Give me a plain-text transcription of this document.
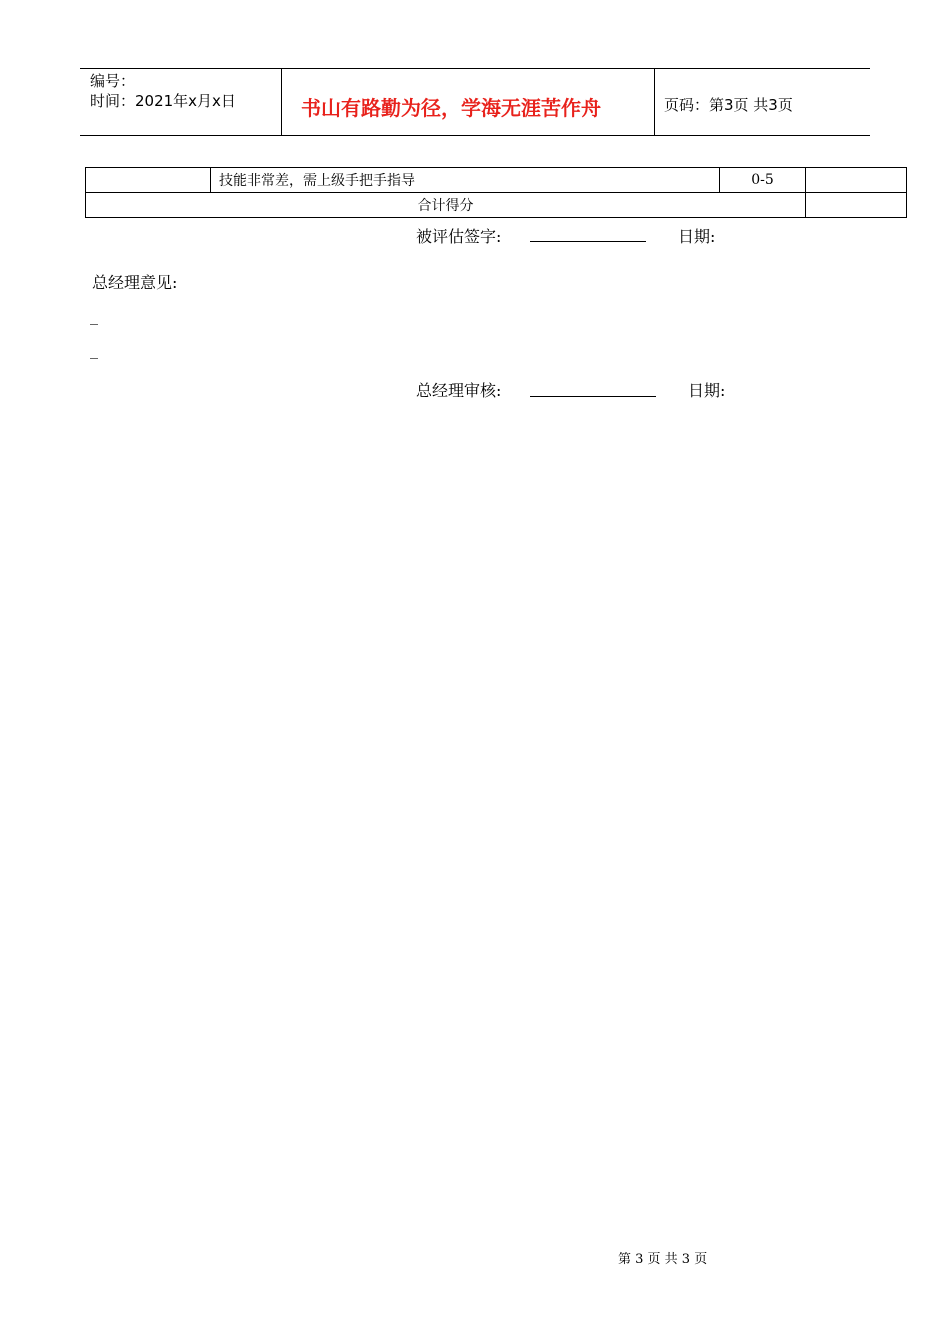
编号：
时间：2021年x月x日	书山有路勤为径，学海无涯苦作舟	页码：第3页 共3页
	技能非常差，需上级手把手指导	0-5	
合计得分			
被评估签字:	日期:
总经理意见:
_
_
总经理审核:	日期:
第 3 页 共 3 页
